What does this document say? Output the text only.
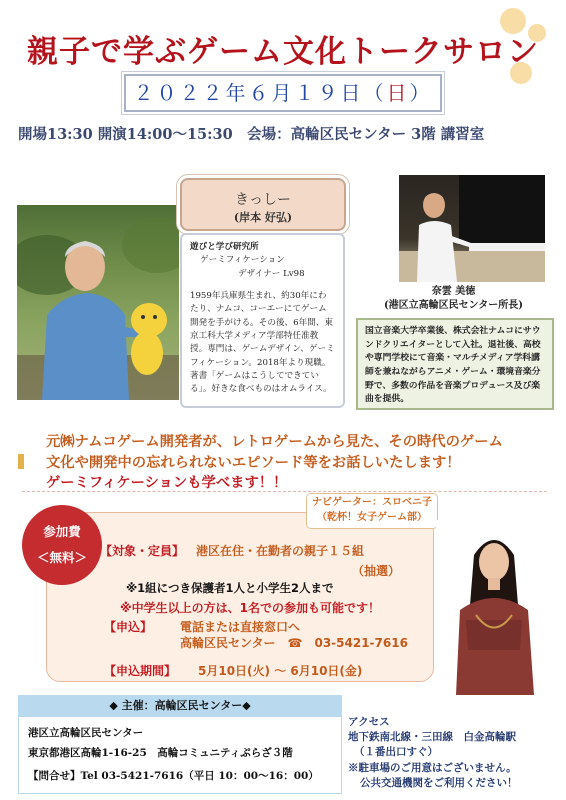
親子で学ぶゲーム文化トークサロン
２０２２年６月１９日（日）
開場13:30 開演14:00～15:30　会場：高輪区民センター 3階 講習室
きっしー
(岸本 好弘)
遊びと学び研究所
ゲーミフィケーション
デザイナー Lv98
1959年兵庫県生まれ、約30年にわたり、ナムコ、コーエーにてゲーム開発を手がける。その後、6年間、東京工科大学メディア学部特任准教授。専門は、ゲームデザイン、ゲーミフィケーション。2018年より現職。著書「ゲームはこうしてできている」。好きな食べものはオムライス。
奈雲 美徳
(港区立高輪区民センター所長)
国立音楽大学卒業後、株式会社ナムコにサウンドクリエイターとして入社。退社後、高校や専門学校にて音楽・マルチメディア学科講師を兼ねながらアニメ・ゲーム・環境音楽分野で、多数の作品を音楽プロデュース及び楽曲を提供。
元㈱ナムコゲーム開発者が、レトロゲームから見た、その時代のゲーム
文化や開発中の忘れられないエピソード等をお話しいたします！
ゲーミフィケーションも学べます！！
ナビゲーター：スロベニ子
（乾杯！女子ゲーム部）
参加費
＜無料＞	【対象・定員】 港区在住・在勤者の親子１５組
（抽選）
※1組につき保護者1人と小学生2人まで
※中学生以上の方は、1名での参加も可能です！
【申込】 電話または直接窓口へ
高輪区民センター　☎　03-5421-7616
【申込期間】 5月10日(火) ～ 6月10日(金)
◆ 主催：高輪区民センター◆
港区立高輪区民センター
東京都港区高輪1-16-25　高輪コミュニティぷらざ３階
【問合せ】Tel 03-5421-7616（平日 10：00～16：00）
アクセス
地下鉄南北線・三田線　白金高輪駅
（１番出口すぐ）
※駐車場のご用意はございません。
公共交通機関をご利用ください！
